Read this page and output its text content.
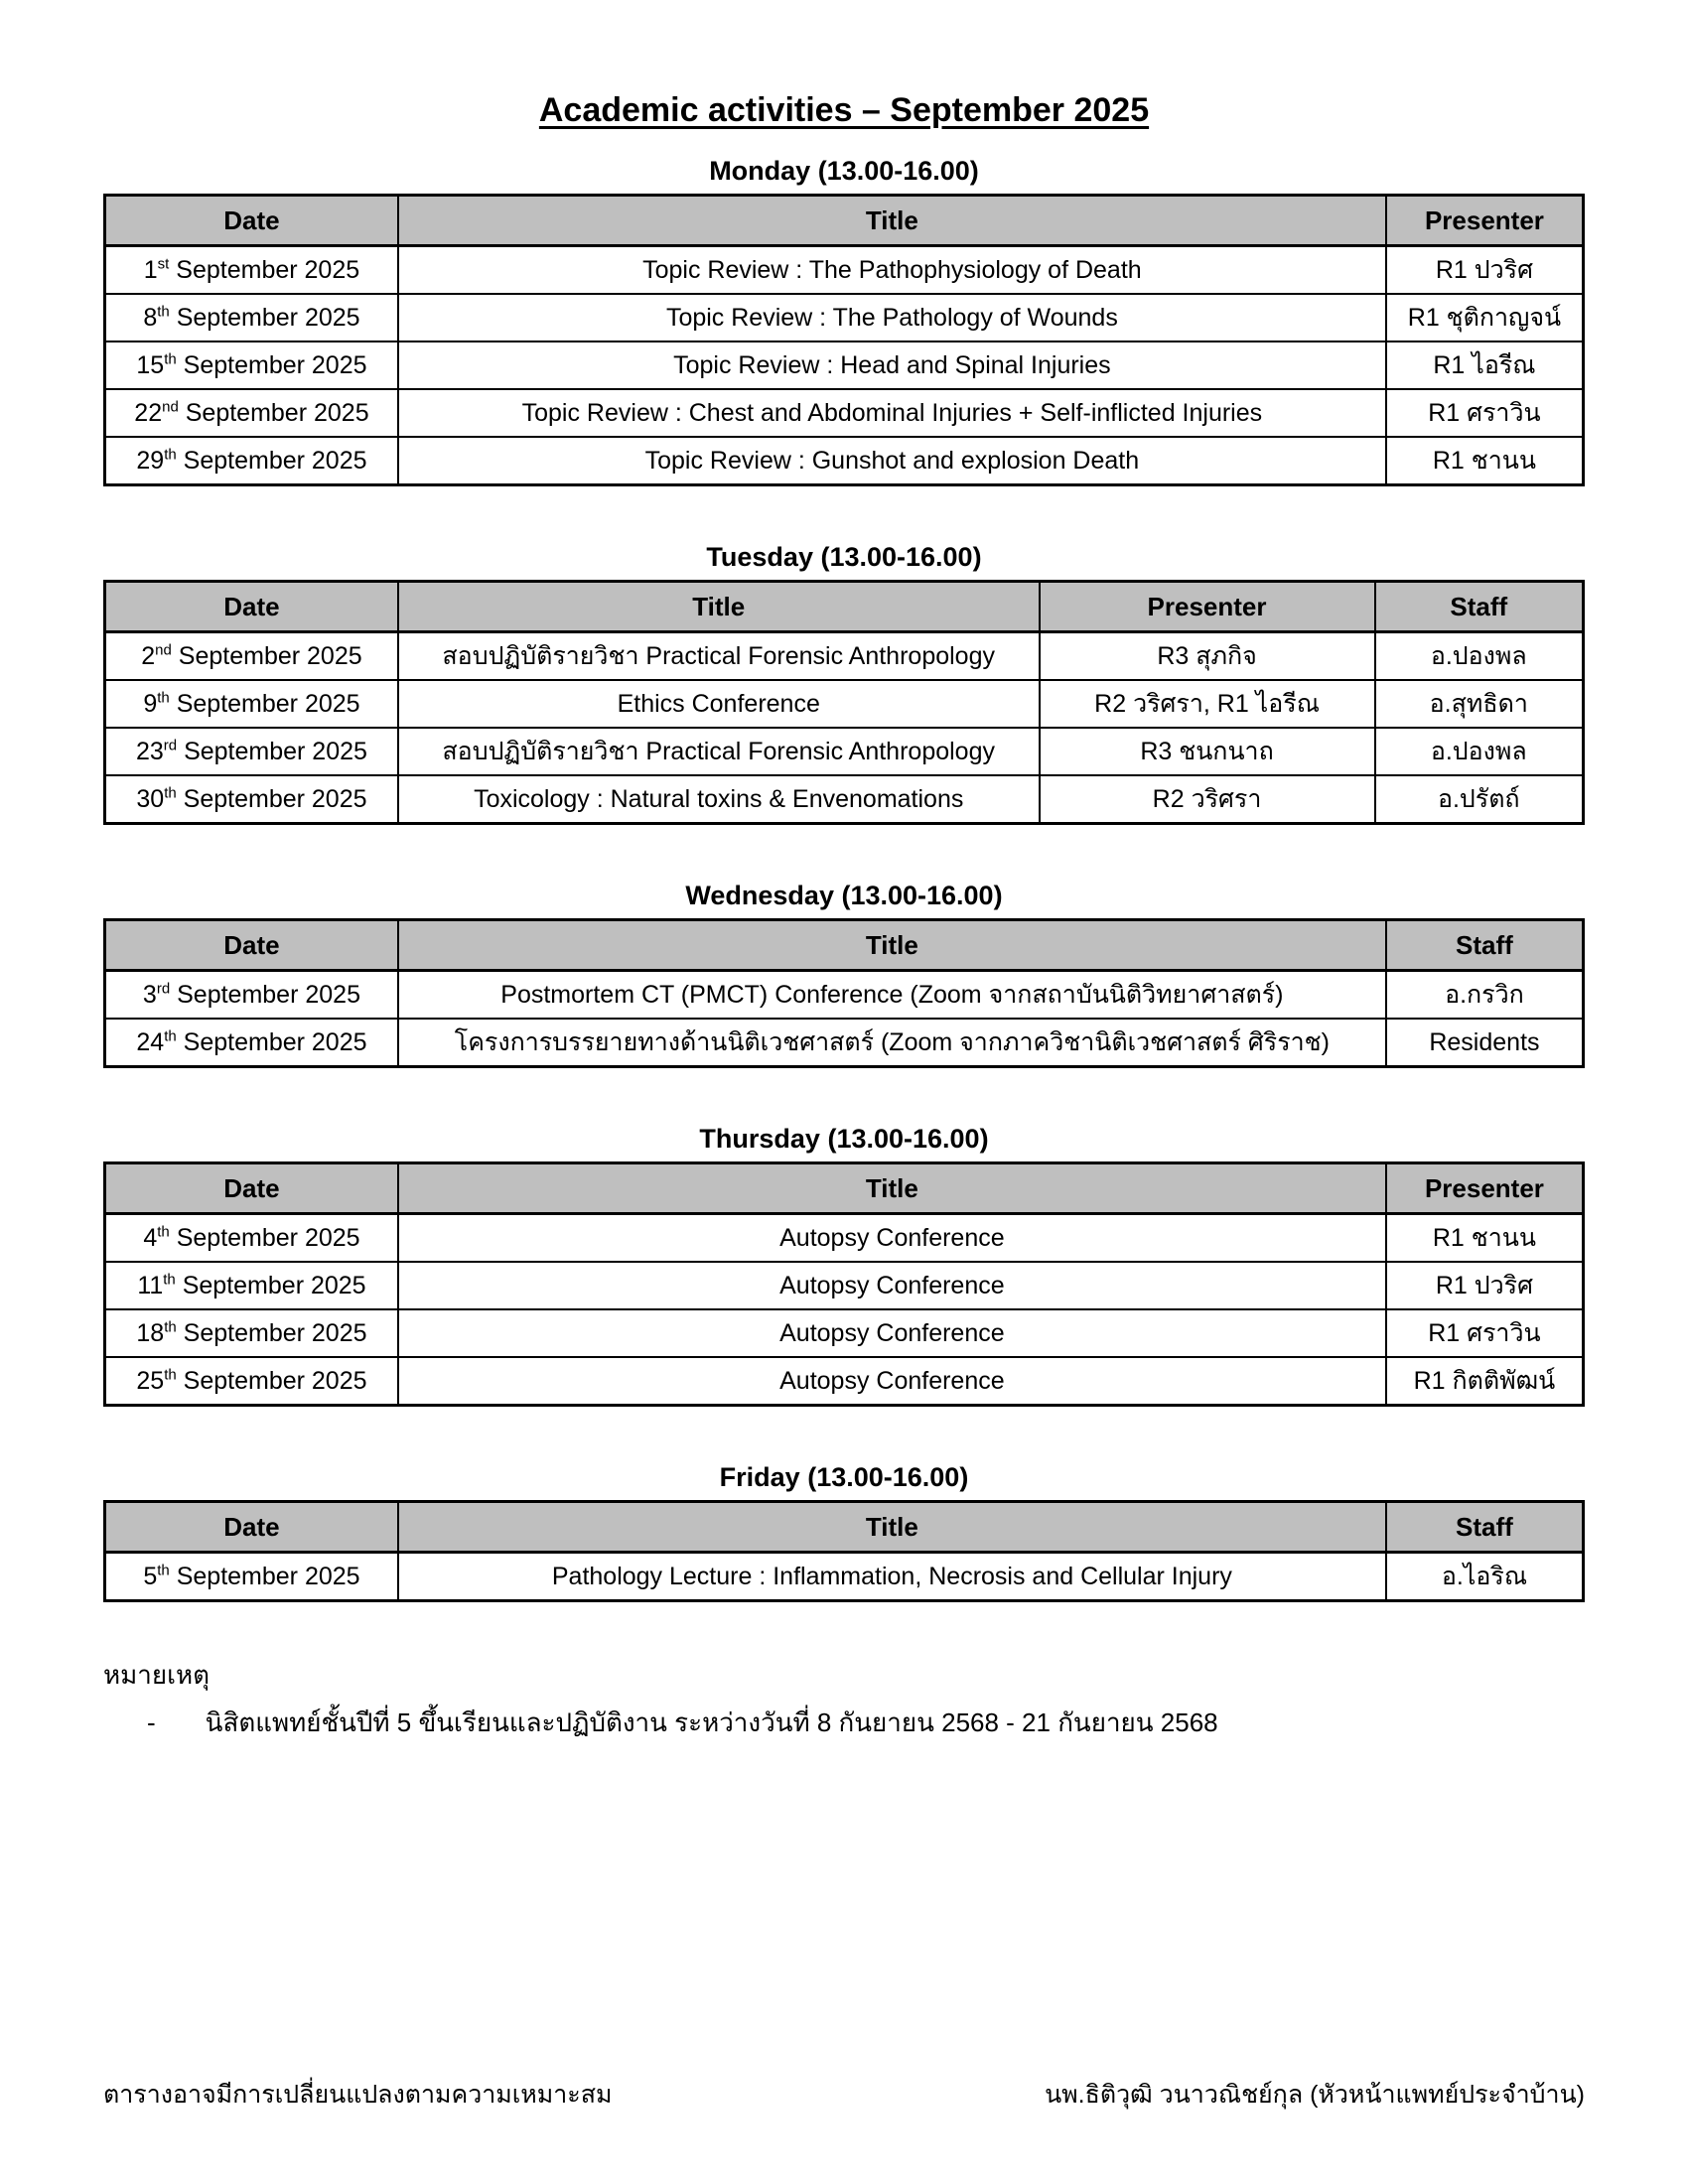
Academic activities – September 2025
Monday (13.00-16.00)
Date	Title	Presenter
1st September 2025	Topic Review : The Pathophysiology of Death	R1 ปวริศ
8th September 2025	Topic Review : The Pathology of Wounds	R1 ชุติกาญจน์
15th September 2025	Topic Review : Head and Spinal Injuries	R1 ไอรีณ
22nd September 2025	Topic Review : Chest and Abdominal Injuries + Self-inflicted Injuries	R1 ศราวิน
29th September 2025	Topic Review : Gunshot and explosion Death	R1 ชานน
Tuesday (13.00-16.00)
Date	Title	Presenter	Staff
2nd September 2025	สอบปฏิบัติรายวิชา Practical Forensic Anthropology	R3 สุภกิจ	อ.ปองพล
9th September 2025	Ethics Conference	R2 วริศรา, R1 ไอรีณ	อ.สุทธิดา
23rd September 2025	สอบปฏิบัติรายวิชา Practical Forensic Anthropology	R3 ชนกนาถ	อ.ปองพล
30th September 2025	Toxicology : Natural toxins & Envenomations	R2 วริศรา	อ.ปรัตถ์
Wednesday (13.00-16.00)
Date	Title	Staff
3rd September 2025	Postmortem CT (PMCT) Conference (Zoom จากสถาบันนิติวิทยาศาสตร์)	อ.กรวิก
24th September 2025	โครงการบรรยายทางด้านนิติเวชศาสตร์ (Zoom จากภาควิชานิติเวชศาสตร์ ศิริราช)	Residents
Thursday (13.00-16.00)
Date	Title	Presenter
4th September 2025	Autopsy Conference	R1 ชานน
11th September 2025	Autopsy Conference	R1 ปวริศ
18th September 2025	Autopsy Conference	R1 ศราวิน
25th September 2025	Autopsy Conference	R1 กิตติพัฒน์
Friday (13.00-16.00)
Date	Title	Staff
5th September 2025	Pathology Lecture : Inflammation, Necrosis and Cellular Injury	อ.ไอริณ
หมายเหตุ
- นิสิตแพทย์ชั้นปีที่ 5 ขึ้นเรียนและปฏิบัติงาน ระหว่างวันที่ 8 กันยายน 2568 - 21 กันยายน 2568
ตารางอาจมีการเปลี่ยนแปลงตามความเหมาะสม	นพ.ธิติวุฒิ วนาวณิชย์กุล (หัวหน้าแพทย์ประจำบ้าน)
